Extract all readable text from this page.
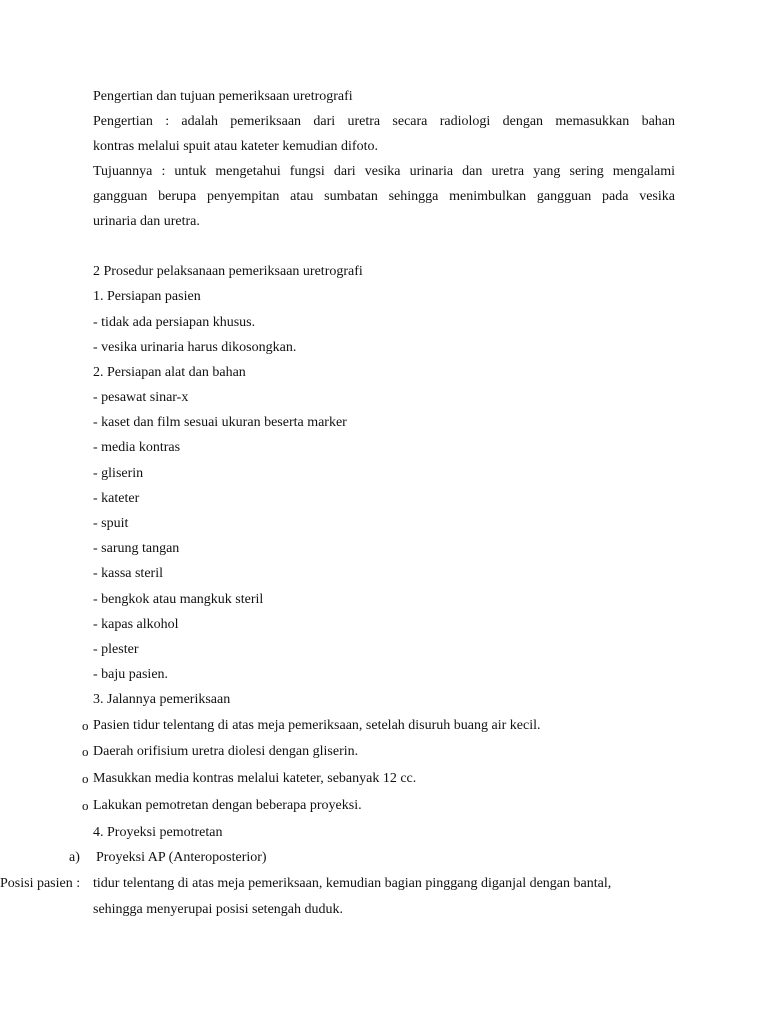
Pengertian dan tujuan pemeriksaan uretrografi
Pengertian : adalah pemeriksaan dari uretra secara radiologi dengan memasukkan bahan
kontras melalui spuit atau kateter kemudian difoto.
Tujuannya : untuk mengetahui fungsi dari vesika urinaria dan uretra yang sering mengalami
gangguan berupa penyempitan atau sumbatan sehingga menimbulkan gangguan pada vesika
urinaria dan uretra.
2 Prosedur pelaksanaan pemeriksaan uretrografi
1. Persiapan pasien
- tidak ada persiapan khusus.
- vesika urinaria harus dikosongkan.
2. Persiapan alat dan bahan
- pesawat sinar-x
- kaset dan film sesuai ukuran beserta marker
- media kontras
- gliserin
- kateter
- spuit
- sarung tangan
- kassa steril
- bengkok atau mangkuk steril
- kapas alkohol
- plester
- baju pasien.
3. Jalannya pemeriksaan
o Pasien tidur telentang di atas meja pemeriksaan, setelah disuruh buang air kecil.
o Daerah orifisium uretra diolesi dengan gliserin.
o Masukkan media kontras melalui kateter, sebanyak 12 cc.
o Lakukan pemotretan dengan beberapa proyeksi.
4. Proyeksi pemotretan
a) Proyeksi AP (Anteroposterior)
Posisi pasien : tidur telentang di atas meja pemeriksaan, kemudian bagian pinggang diganjal dengan bantal,
sehingga menyerupai posisi setengah duduk.
